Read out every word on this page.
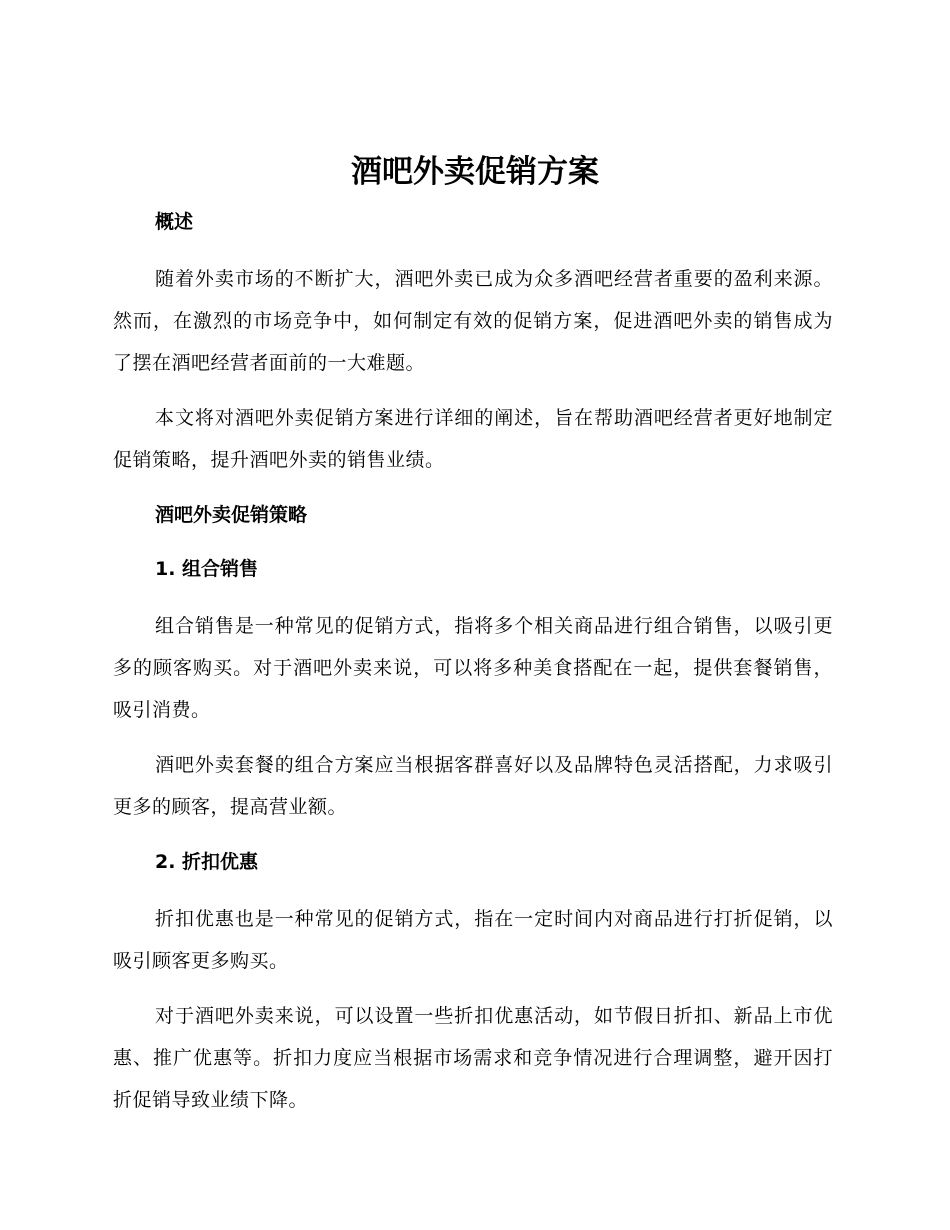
酒吧外卖促销方案

概述

随着外卖市场的不断扩大，酒吧外卖已成为众多酒吧经营者重要的盈利来源。然而，在激烈的市场竞争中，如何制定有效的促销方案，促进酒吧外卖的销售成为了摆在酒吧经营者面前的一大难题。

本文将对酒吧外卖促销方案进行详细的阐述，旨在帮助酒吧经营者更好地制定促销策略，提升酒吧外卖的销售业绩。

酒吧外卖促销策略

1. 组合销售

组合销售是一种常见的促销方式，指将多个相关商品进行组合销售，以吸引更多的顾客购买。对于酒吧外卖来说，可以将多种美食搭配在一起，提供套餐销售，吸引消费。

酒吧外卖套餐的组合方案应当根据客群喜好以及品牌特色灵活搭配，力求吸引更多的顾客，提高营业额。

2. 折扣优惠

折扣优惠也是一种常见的促销方式，指在一定时间内对商品进行打折促销，以吸引顾客更多购买。

对于酒吧外卖来说，可以设置一些折扣优惠活动，如节假日折扣、新品上市优惠、推广优惠等。折扣力度应当根据市场需求和竞争情况进行合理调整，避开因打折促销导致业绩下降。
